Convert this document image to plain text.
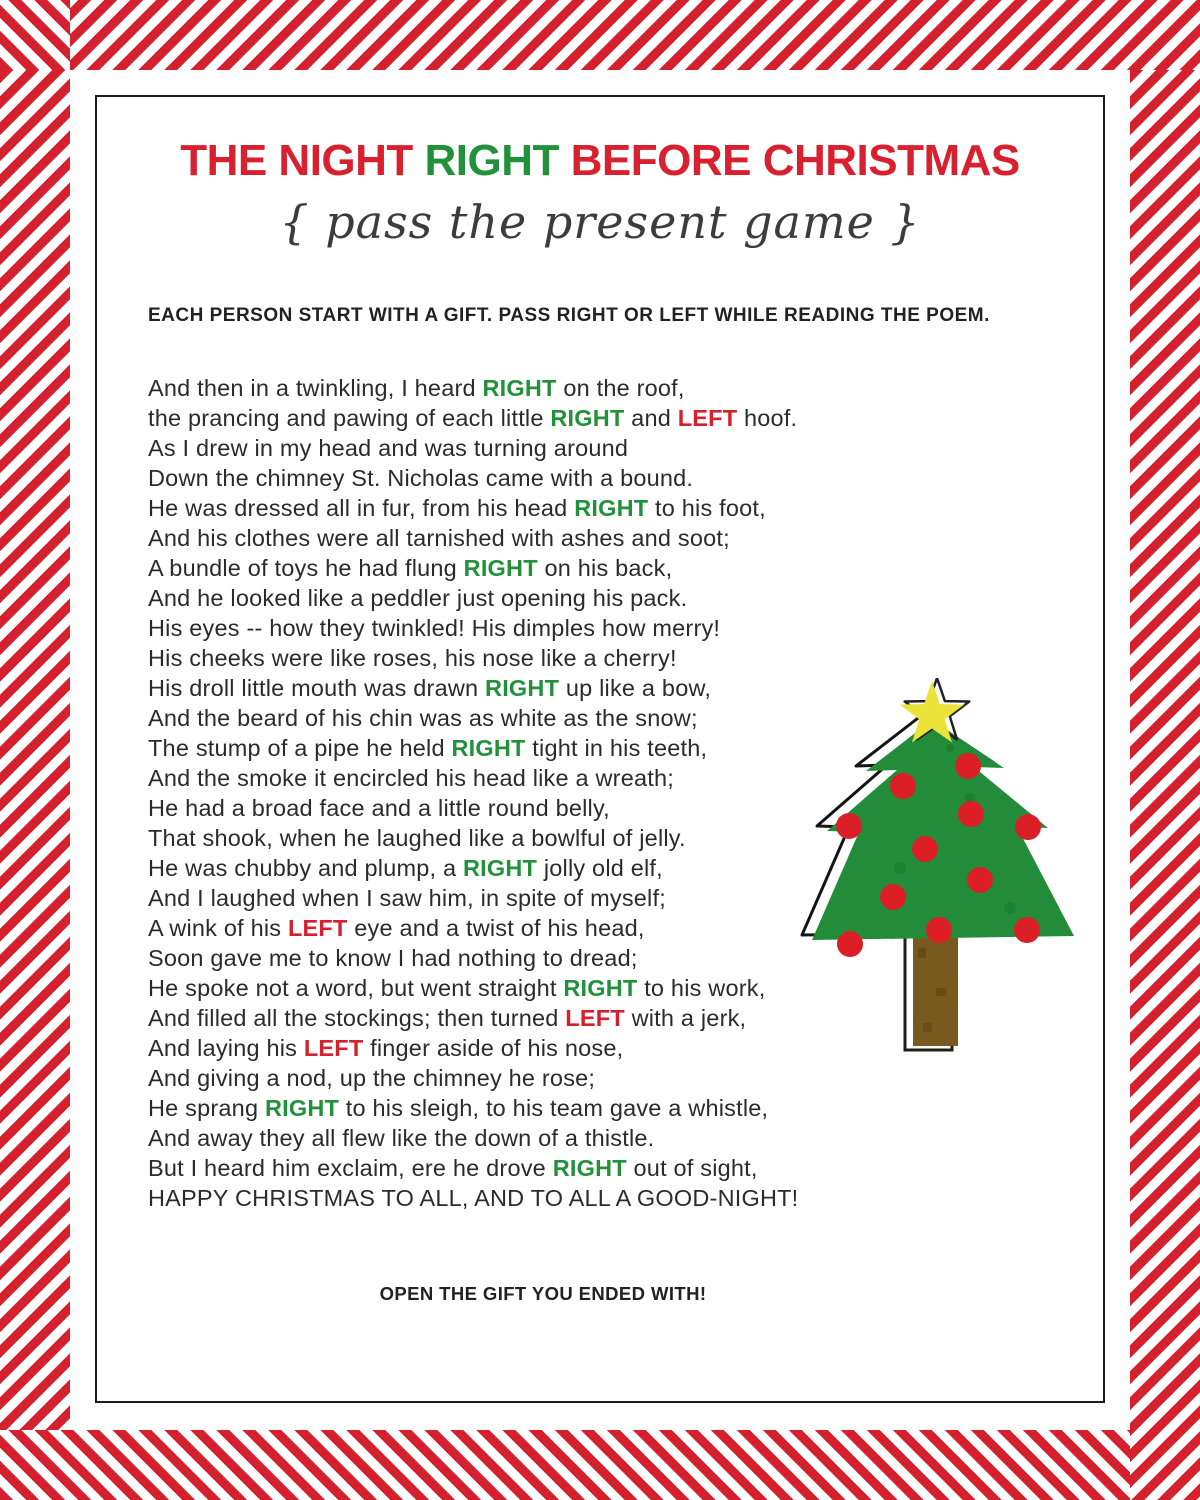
THE NIGHT RIGHT BEFORE CHRISTMAS
{ pass the present game }
EACH PERSON START WITH A GIFT. PASS RIGHT OR LEFT WHILE READING THE POEM.
And then in a twinkling, I heard RIGHT on the roof,
the prancing and pawing of each little RIGHT and LEFT hoof.
As I drew in my head and was turning around
Down the chimney St. Nicholas came with a bound.
He was dressed all in fur, from his head RIGHT to his foot,
And his clothes were all tarnished with ashes and soot;
A bundle of toys he had flung RIGHT on his back,
And he looked like a peddler just opening his pack.
His eyes -- how they twinkled! His dimples how merry!
His cheeks were like roses, his nose like a cherry!
His droll little mouth was drawn RIGHT up like a bow,
And the beard of his chin was as white as the snow;
The stump of a pipe he held RIGHT tight in his teeth,
And the smoke it encircled his head like a wreath;
He had a broad face and a little round belly,
That shook, when he laughed like a bowlful of jelly.
He was chubby and plump, a RIGHT jolly old elf,
And I laughed when I saw him, in spite of myself;
A wink of his LEFT eye and a twist of his head,
Soon gave me to know I had nothing to dread;
He spoke not a word, but went straight RIGHT to his work,
And filled all the stockings; then turned LEFT with a jerk,
And laying his LEFT finger aside of his nose,
And giving a nod, up the chimney he rose;
He sprang RIGHT to his sleigh, to his team gave a whistle,
And away they all flew like the down of a thistle.
But I heard him exclaim, ere he drove RIGHT out of sight,
HAPPY CHRISTMAS TO ALL, AND TO ALL A GOOD-NIGHT!
OPEN THE GIFT YOU ENDED WITH!
